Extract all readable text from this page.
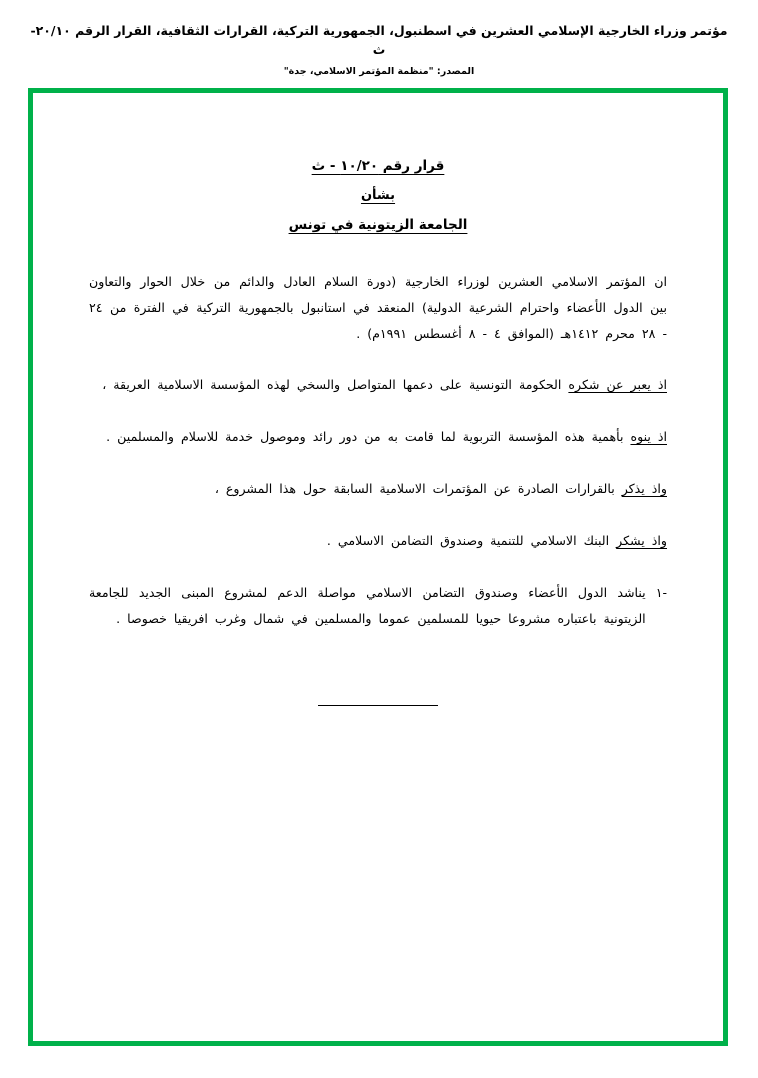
مؤتمر وزراء الخارجية الإسلامي العشرين في اسطنبول، الجمهورية التركية، القرارات الثقافية، القرار الرقم ٢٠/١٠-ث
المصدر: "منظمة المؤتمر الاسلامي، جدة"
قرار رقم ١٠/٢٠ - ث
بشأن
الجامعة الزيتونية في تونس

ان المؤتمر الاسلامي العشرين لوزراء الخارجية (دورة السلام العادل والدائم من خلال الحوار والتعاون بين الدول الأعضاء واحترام الشرعية الدولية) المنعقد في استانبول بالجمهورية التركية في الفترة من ٢٤ - ٢٨ محرم ١٤١٢هـ (الموافق ٤ - ٨ أغسطس ١٩٩١م) .

اذ يعبر عن شكره الحكومة التونسية على دعمها المتواصل والسخي لهذه المؤسسة الاسلامية العريقة ،

اذ ينوه بأهمية هذه المؤسسة التربوية لما قامت به من دور رائد وموصول خدمة للاسلام والمسلمين .

واذ يذكر بالقرارات الصادرة عن المؤتمرات الاسلامية السابقة حول هذا المشروع ،

واذ يشكر البنك الاسلامي للتنمية وصندوق التضامن الاسلامي .

-١
يناشد الدول الأعضاء وصندوق التضامن الاسلامي مواصلة الدعم لمشروع المبنى الجديد للجامعة الزيتونية باعتباره مشروعا حيويا للمسلمين عموما والمسلمين في شمال وغرب افريقيا خصوصا .
